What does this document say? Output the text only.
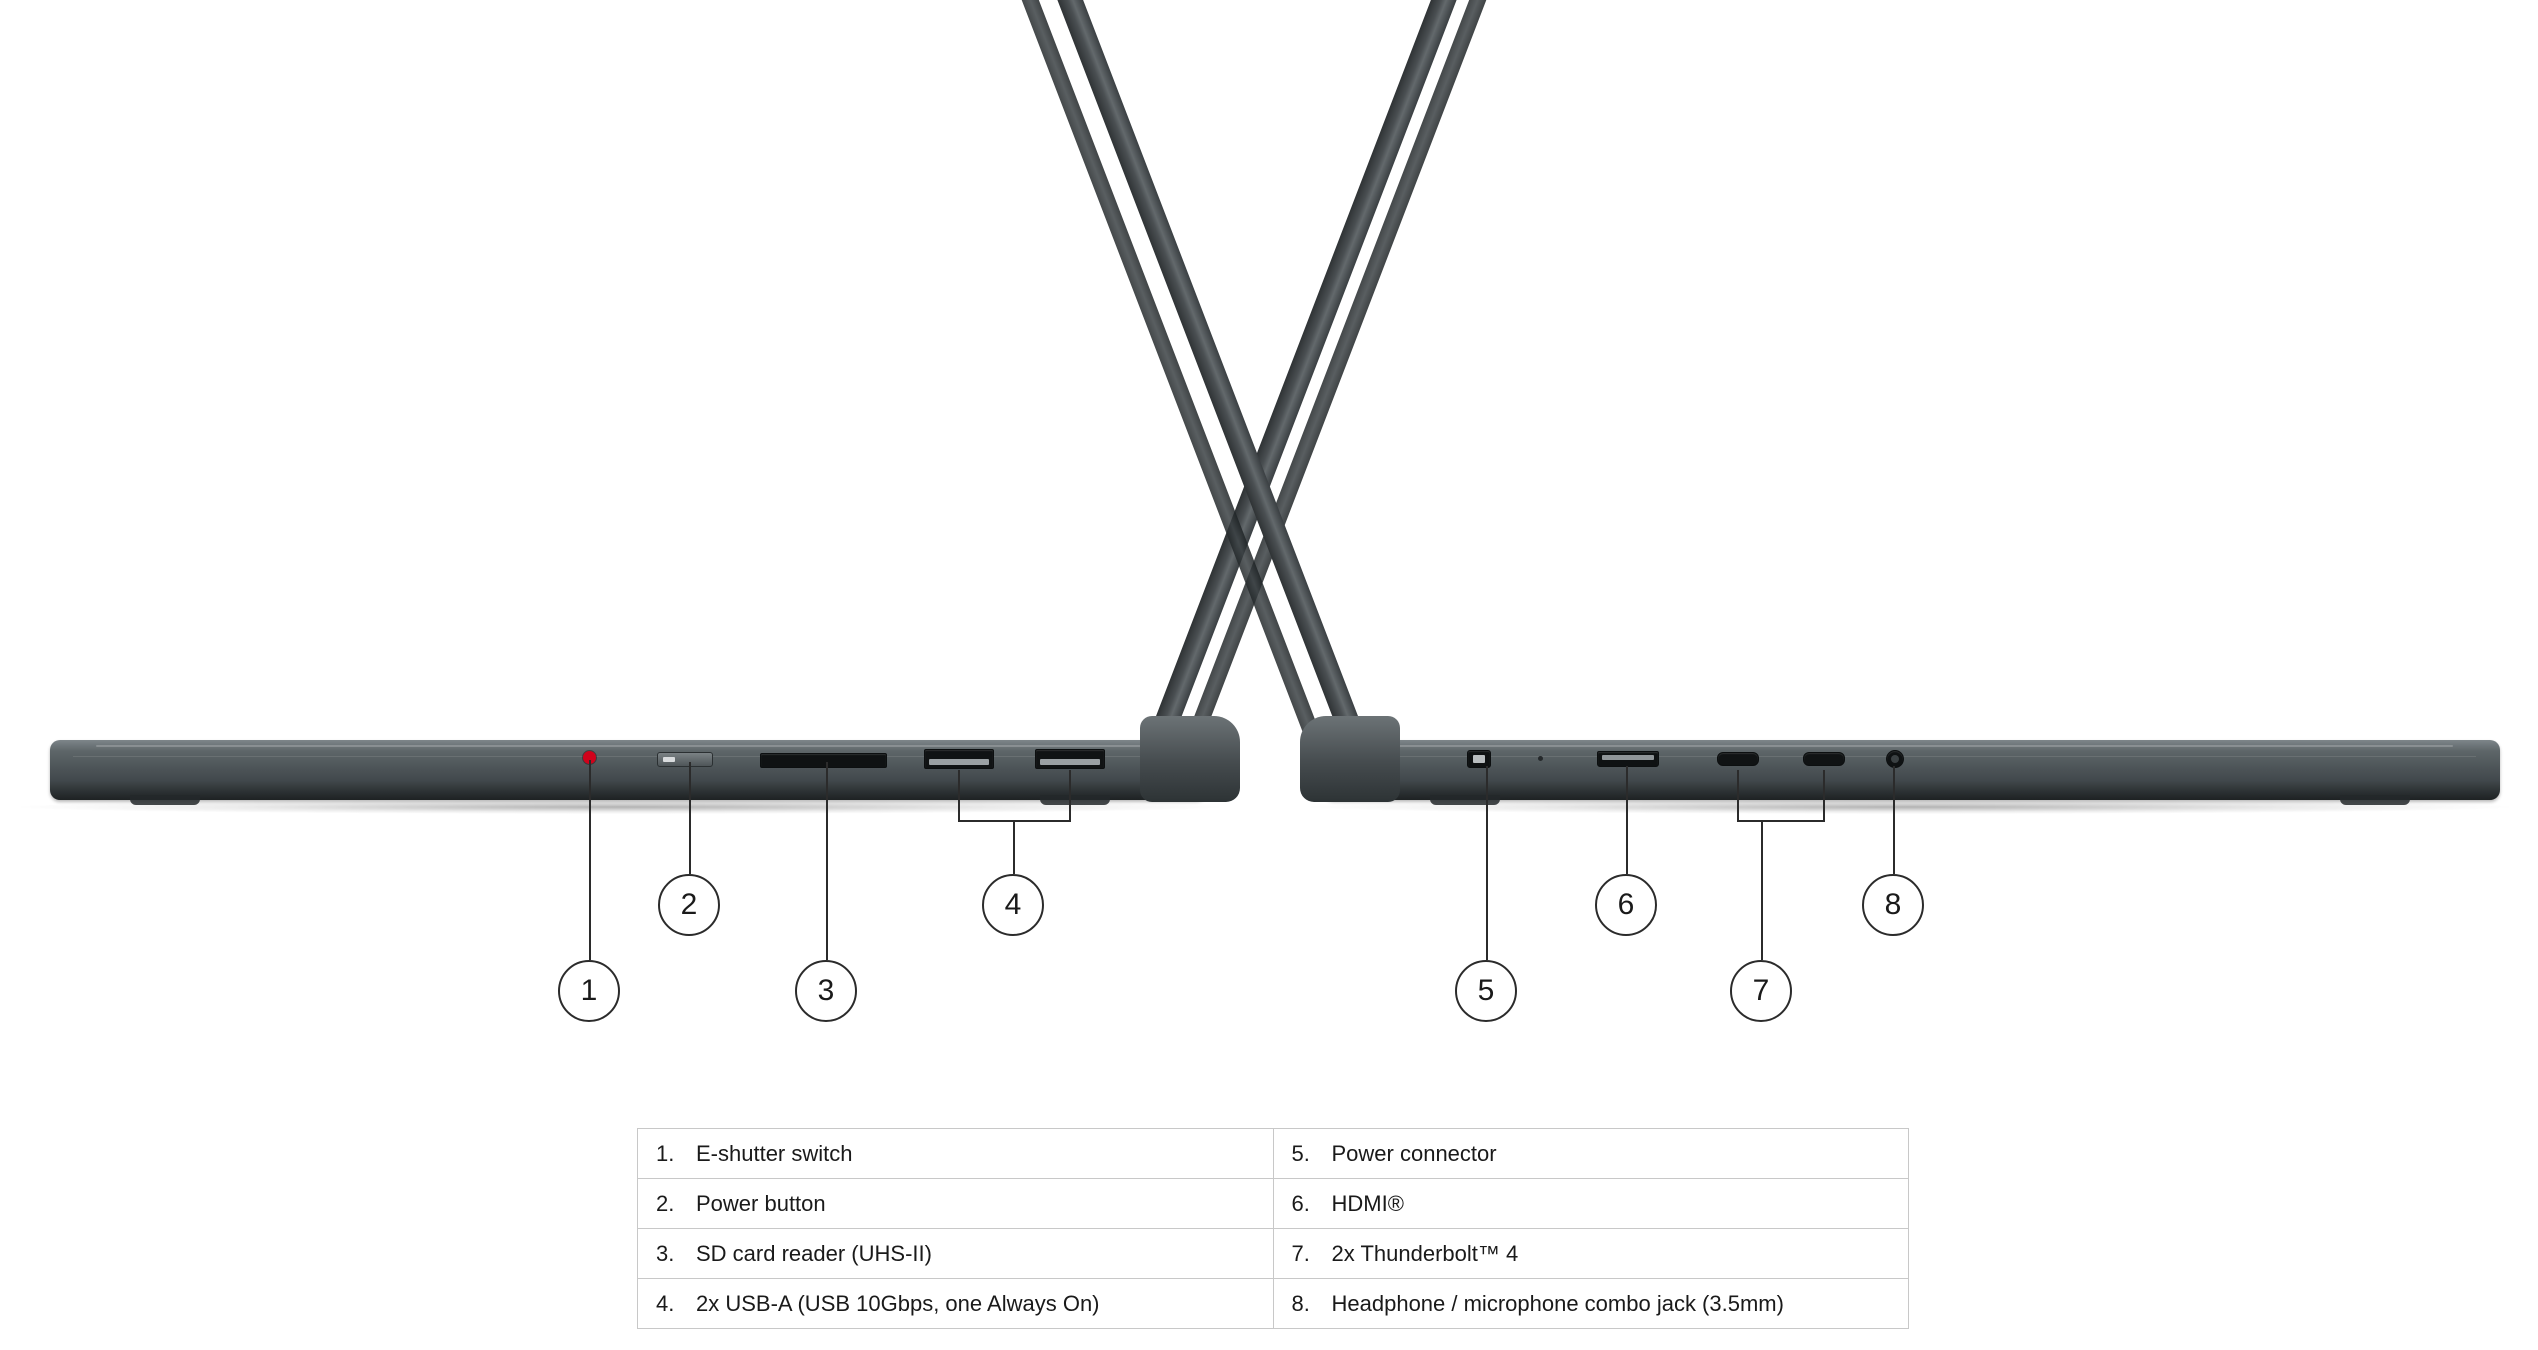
1
2
3
4
5
6
7
8
1. E-shutter switch	5. Power connector

2. Power button	6. HDMI®

3. SD card reader (UHS-II)	7. 2x Thunderbolt™ 4

4. 2x USB-A (USB 10Gbps, one Always On)	8. Headphone / microphone combo jack (3.5mm)
